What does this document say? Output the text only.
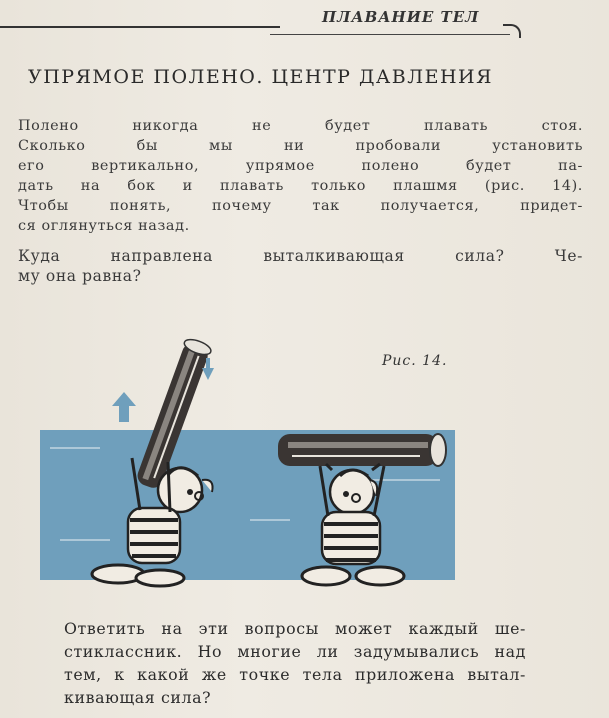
ПЛАВАНИЕ ТЕЛ
УПРЯМОЕ ПОЛЕНО. ЦЕНТР ДАВЛЕНИЯ
Полено никогда не будет плавать стоя.
Сколько бы мы ни пробовали установить
его вертикально, упрямое полено будет па-
дать на бок и плавать только плашмя (рис. 14).
Чтобы понять, почему так получается, придет-
ся оглянуться назад.
Куда направлена выталкивающая сила? Че-
му она равна?
Рис. 14.
Ответить на эти вопросы может каждый ше-
стиклассник. Но многие ли задумывались над
тем, к какой же точке тела приложена вытал-
кивающая сила?
